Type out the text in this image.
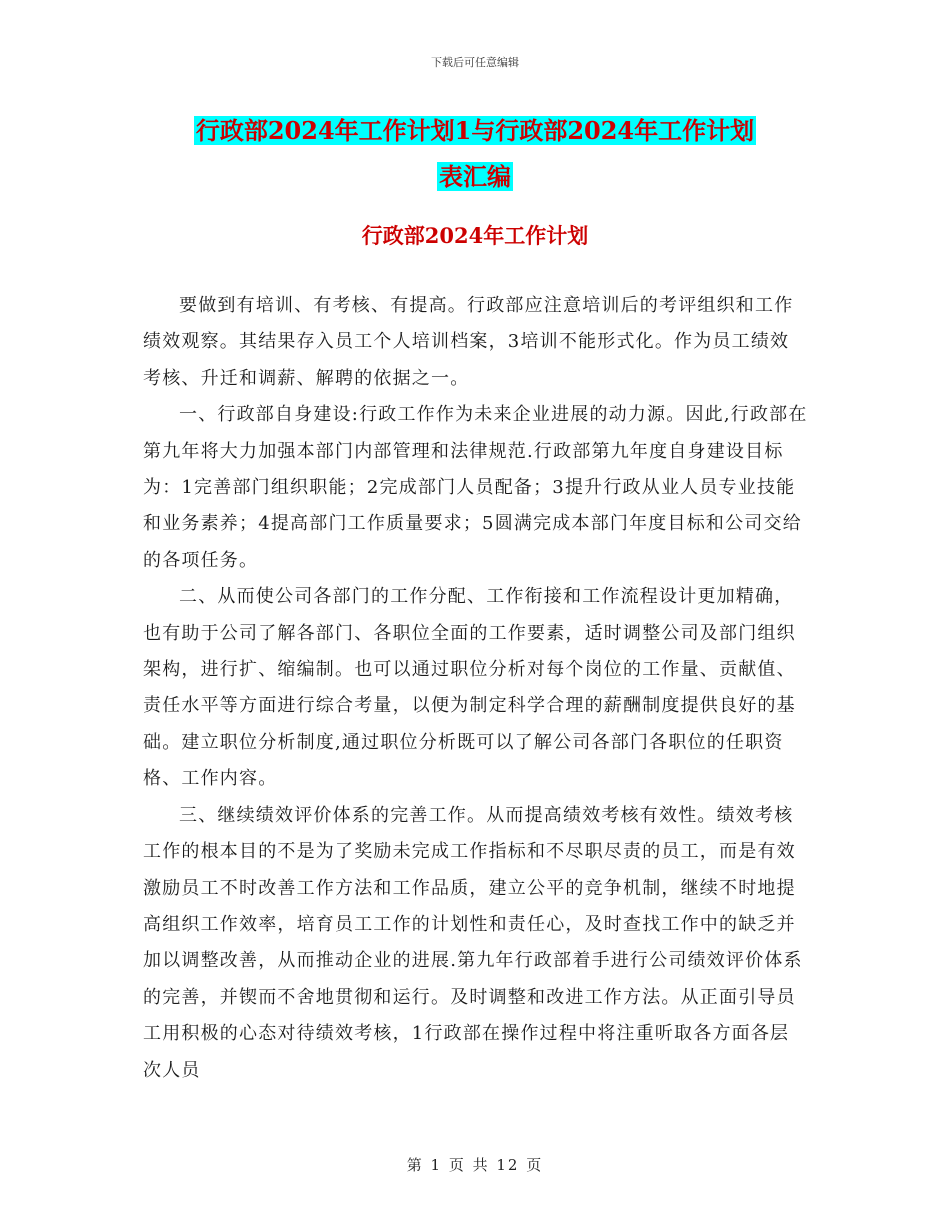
下载后可任意编辑
行政部2024年工作计划1与行政部2024年工作计划
表汇编
行政部2024年工作计划

要做到有培训、有考核、有提高。行政部应注意培训后的考评组织和工作绩效观察。其结果存入员工个人培训档案，3培训不能形式化。作为员工绩效考核、升迁和调薪、解聘的依据之一。

一、行政部自身建设:行政工作作为未来企业进展的动力源。因此,行政部在第九年将大力加强本部门内部管理和法律规范.行政部第九年度自身建设目标为：1完善部门组织职能；2完成部门人员配备；3提升行政从业人员专业技能和业务素养；4提高部门工作质量要求；5圆满完成本部门年度目标和公司交给的各项任务。

二、从而使公司各部门的工作分配、工作衔接和工作流程设计更加精确，也有助于公司了解各部门、各职位全面的工作要素，适时调整公司及部门组织架构，进行扩、缩编制。也可以通过职位分析对每个岗位的工作量、贡献值、责任水平等方面进行综合考量，以便为制定科学合理的薪酬制度提供良好的基础。建立职位分析制度,通过职位分析既可以了解公司各部门各职位的任职资格、工作内容。

三、继续绩效评价体系的完善工作。从而提高绩效考核有效性。绩效考核工作的根本目的不是为了奖励未完成工作指标和不尽职尽责的员工，而是有效激励员工不时改善工作方法和工作品质，建立公平的竞争机制，继续不时地提高组织工作效率，培育员工工作的计划性和责任心，及时查找工作中的缺乏并加以调整改善，从而推动企业的进展.第九年行政部着手进行公司绩效评价体系的完善，并锲而不舍地贯彻和运行。及时调整和改进工作方法。从正面引导员工用积极的心态对待绩效考核，1行政部在操作过程中将注重听取各方面各层次人员

第 1 页 共 12 页
